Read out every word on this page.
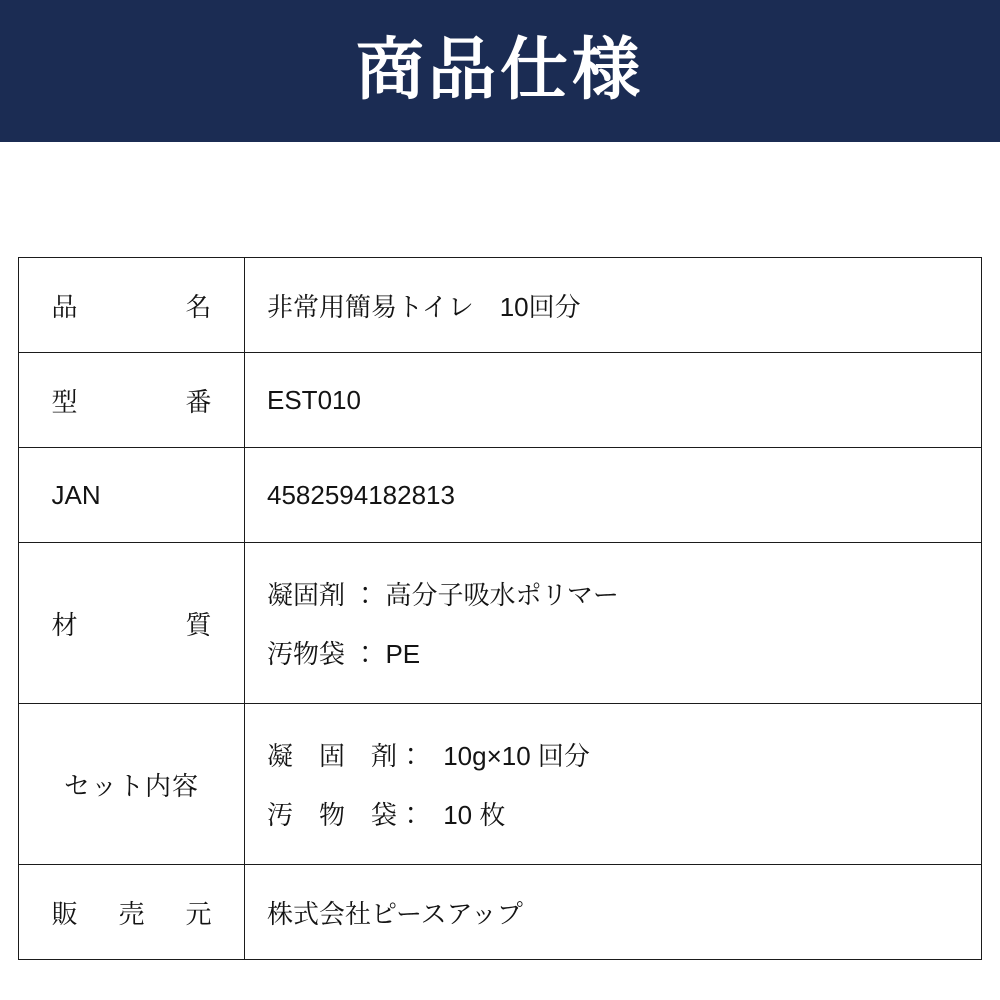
商品仕様
品名	非常用簡易トイレ　10回分

型番	EST010

JAN	4582594182813

材質	凝固剤 ： 高分子吸水ポリマー
汚物袋 ： PE

セット内容	凝　固　剤 ：　10g×10 回分
汚　物　袋 ：　10 枚

販売元	株式会社ピースアップ
